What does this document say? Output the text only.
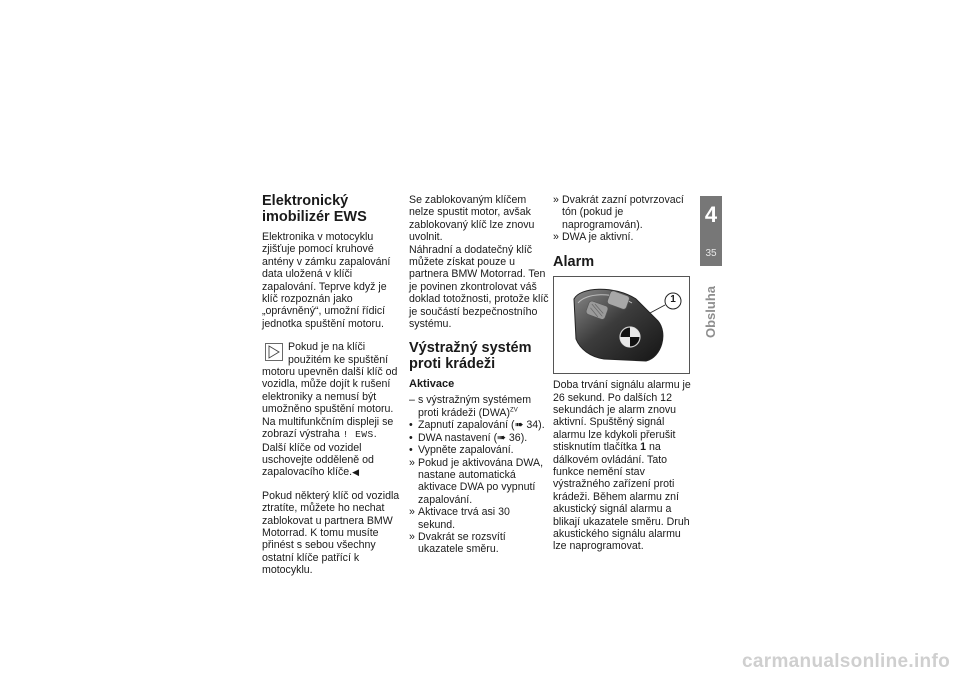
Elektronický imobilizér EWS

Elektronika v motocyklu zjišťuje pomocí kruhové antény v zámku zapalování data uložená v klíči zapalování. Teprve když je klíč rozpoznán jako „oprávněný“, umožní řídicí jednotka spuštění motoru.

Pokud je na klíči použitém ke spuštění motoru upevněn další klíč od vozidla, může dojít k rušení elektroniky a nemusí být umožněno spuštění motoru. Na multifunkčním displeji se zobrazí výstraha ! EWS.
Další klíče od vozidel uschovejte odděleně od zapalovacího klíče.◀

Pokud některý klíč od vozidla ztratíte, můžete ho nechat zablokovat u partnera BMW Motorrad. K tomu musíte přinést s sebou všechny ostatní klíče patřící k motocyklu.

Se zablokovaným klíčem nelze spustit motor, avšak zablokovaný klíč lze znovu uvolnit.

Náhradní a dodatečný klíč můžete získat pouze u partnera BMW Motorrad. Ten je povinen zkontrolovat váš doklad totožnosti, protože klíč je součástí bezpečnostního systému.

Výstražný systém proti krádeži

Aktivace

– s výstražným systémem proti krádeži (DWA)$^{ZV}$
• Zapnutí zapalování (➠ 34).
• DWA nastavení (➠ 36).
• Vypněte zapalování.
» Pokud je aktivována DWA, nastane automatická aktivace DWA po vypnutí zapalování.
» Aktivace trvá asi 30 sekund.
» Dvakrát se rozsvítí ukazatele směru.
» Dvakrát zazní potvrzovací tón (pokud je naprogramován).
» DWA je aktivní.

Alarm

1

Doba trvání signálu alarmu je 26 sekund. Po dalších 12 sekundách je alarm znovu aktivní. Spuštěný signál alarmu lze kdykoli přerušit stisknutím tlačítka 1 na dálkovém ovládání. Tato funkce nemění stav výstražného zařízení proti krádeži. Během alarmu zní akustický signál alarmu a blikají ukazatele směru. Druh akustického signálu alarmu lze naprogramovat.

4
35
Obsluha
carmanualsonline.info
